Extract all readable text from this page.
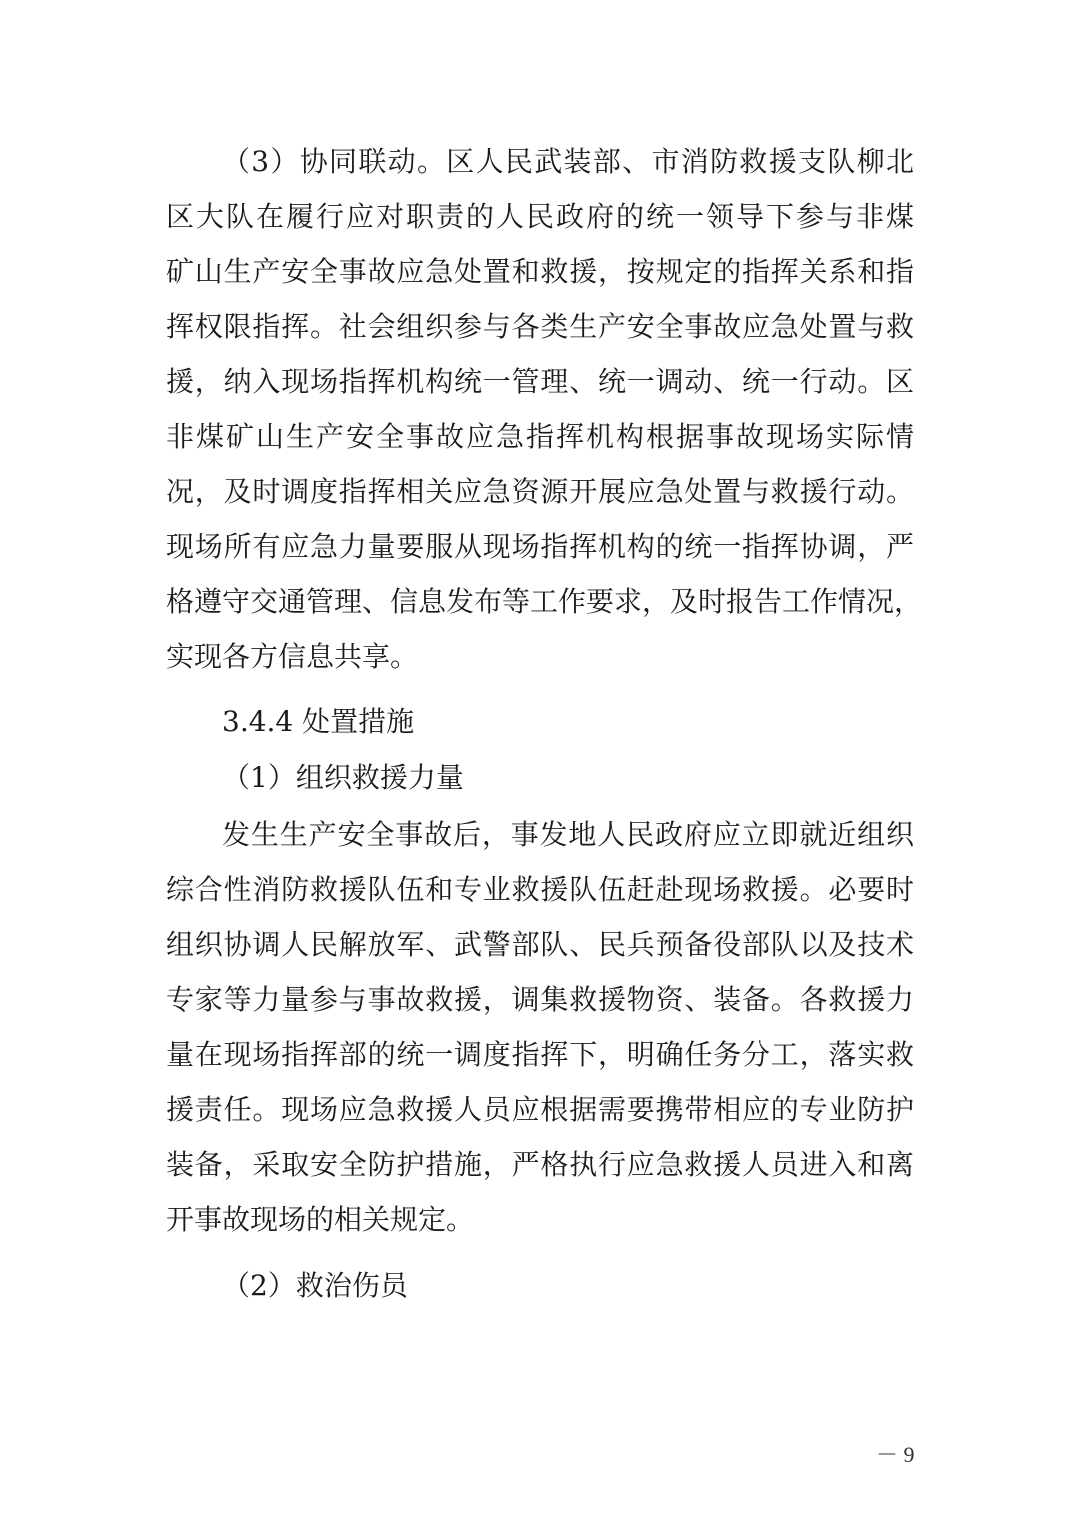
（3）协同联动。区人民武装部、市消防救援支队柳北
区大队在履行应对职责的人民政府的统一领导下参与非煤
矿山生产安全事故应急处置和救援，按规定的指挥关系和指
挥权限指挥。社会组织参与各类生产安全事故应急处置与救
援，纳入现场指挥机构统一管理、统一调动、统一行动。区
非煤矿山生产安全事故应急指挥机构根据事故现场实际情
况，及时调度指挥相关应急资源开展应急处置与救援行动。
现场所有应急力量要服从现场指挥机构的统一指挥协调，严
格遵守交通管理、信息发布等工作要求，及时报告工作情况，
实现各方信息共享。
3.4.4 处置措施
（1）组织救援力量
发生生产安全事故后，事发地人民政府应立即就近组织
综合性消防救援队伍和专业救援队伍赶赴现场救援。必要时
组织协调人民解放军、武警部队、民兵预备役部队以及技术
专家等力量参与事故救援，调集救援物资、装备。各救援力
量在现场指挥部的统一调度指挥下，明确任务分工，落实救
援责任。现场应急救援人员应根据需要携带相应的专业防护
装备，采取安全防护措施，严格执行应急救援人员进入和离
开事故现场的相关规定。
（2）救治伤员
－ 9
